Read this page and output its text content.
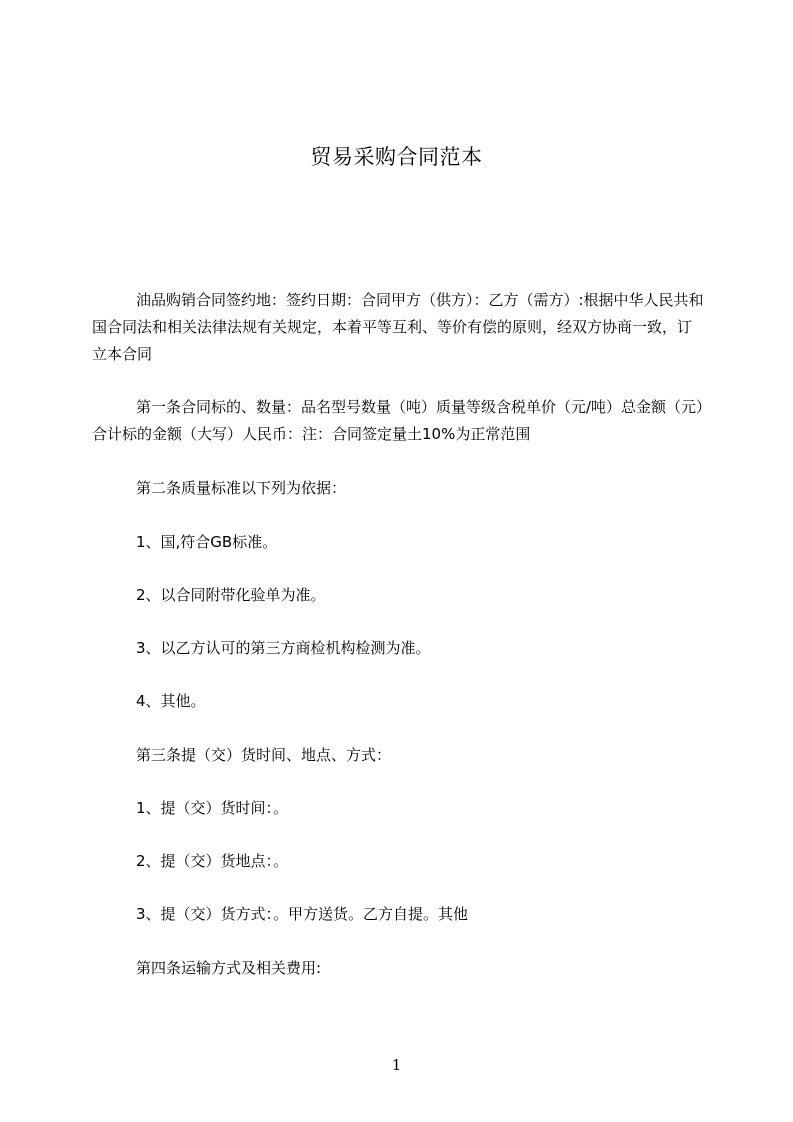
贸易采购合同范本

油品购销合同签约地：签约日期：合同甲方（供方）：乙方（需方）:根据中华人民共和国合同法和相关法律法规有关规定，本着平等互利、等价有偿的原则，经双方协商一致，订立本合同

第一条合同标的、数量：品名型号数量（吨）质量等级含税单价（元/吨）总金额（元）合计标的金额（大写）人民币：注：合同签定量土10%为正常范围

第二条质量标准以下列为依据：
1、国,符合GB标准。
2、以合同附带化验单为准。
3、以乙方认可的第三方商检机构检测为准。
4、其他。
第三条提（交）货时间、地点、方式：
1、提（交）货时间：。
2、提（交）货地点：。
3、提（交）货方式：。甲方送货。乙方自提。其他
第四条运输方式及相关费用:
1
